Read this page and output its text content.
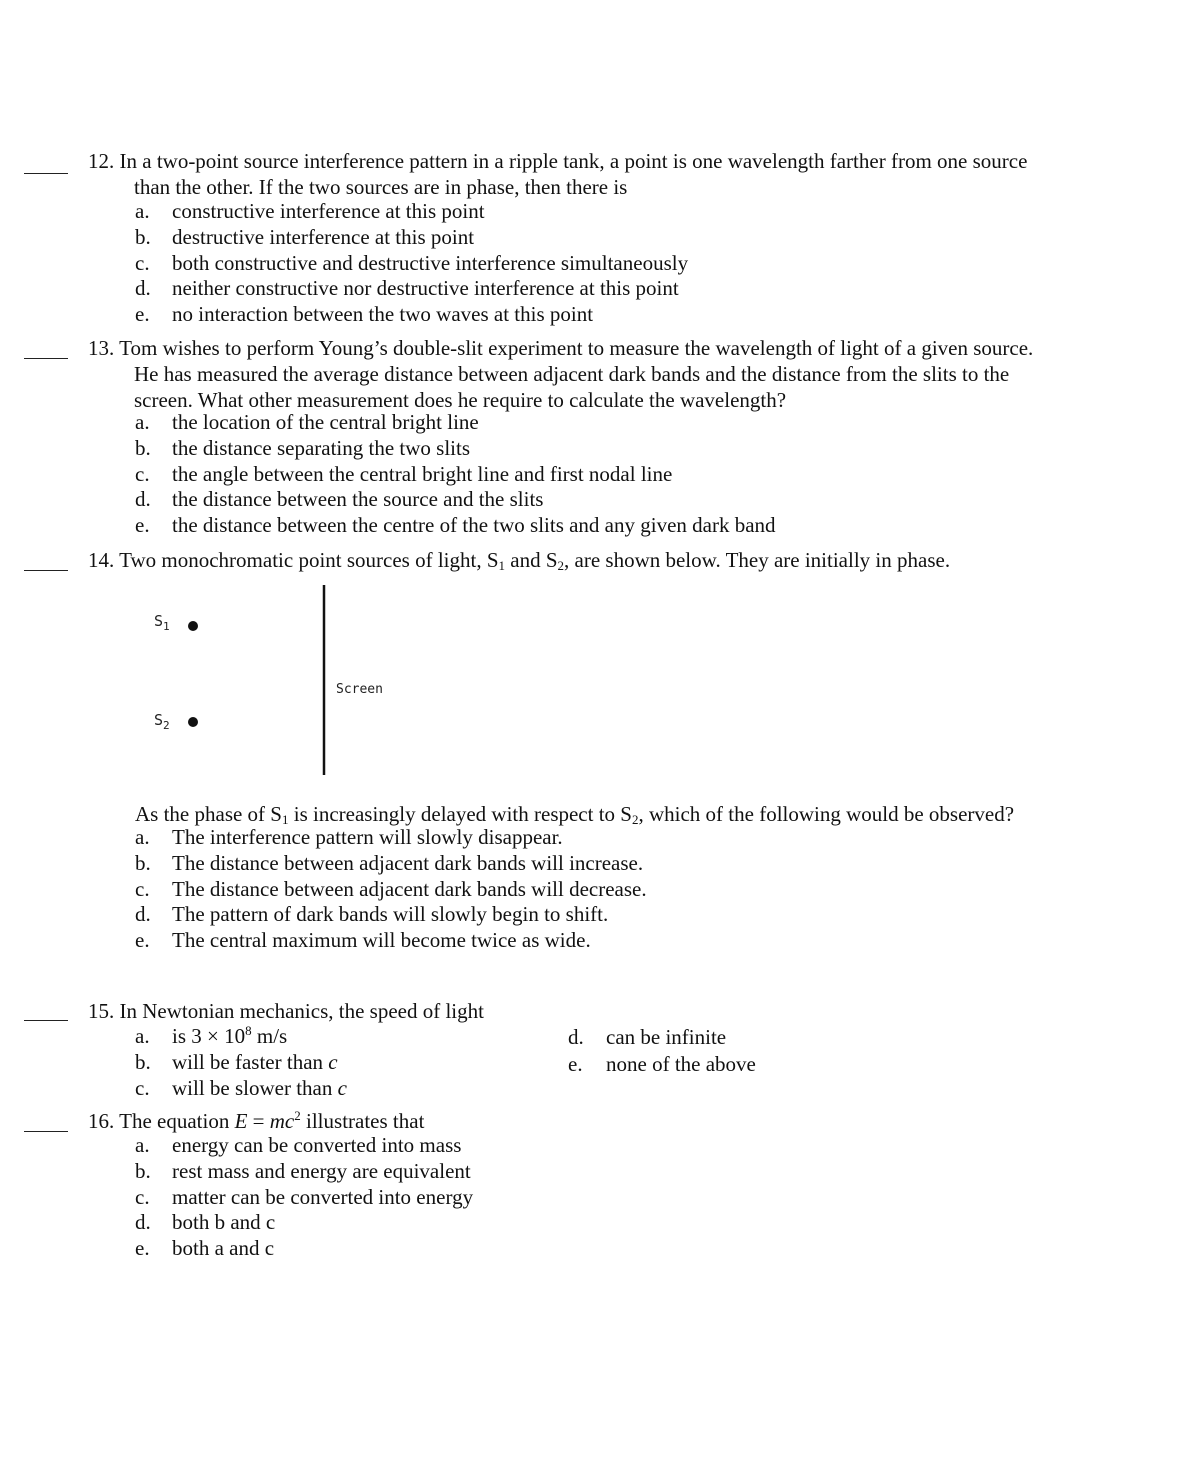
12. In a two-point source interference pattern in a ripple tank, a point is one wavelength farther from one source
than the other. If the two sources are in phase, then there is
a.	constructive interference at this point
b.	destructive interference at this point
c.	both constructive and destructive interference simultaneously
d.	neither constructive nor destructive interference at this point
e.	no interaction between the two waves at this point
13. Tom wishes to perform Young’s double-slit experiment to measure the wavelength of light of a given source.
He has measured the average distance between adjacent dark bands and the distance from the slits to the
screen. What other measurement does he require to calculate the wavelength?
a.	the location of the central bright line
b.	the distance separating the two slits
c.	the angle between the central bright line and first nodal line
d.	the distance between the source and the slits
e.	the distance between the centre of the two slits and any given dark band
14. Two monochromatic point sources of light, $S_1$ and $S_2$, are shown below. They are initially in phase.
$S_1$
$S_2$
Screen
As the phase of $S_1$ is increasingly delayed with respect to $S_2$, which of the following would be observed?
a.	The interference pattern will slowly disappear.
b.	The distance between adjacent dark bands will increase.
c.	The distance between adjacent dark bands will decrease.
d.	The pattern of dark bands will slowly begin to shift.
e.	The central maximum will become twice as wide.
15. In Newtonian mechanics, the speed of light
a.	is $3 \times 10^8$ m/s
b.	will be faster than c
c.	will be slower than c
d.	can be infinite
e.	none of the above
16. The equation $E = mc^2$ illustrates that
a.	energy can be converted into mass
b.	rest mass and energy are equivalent
c.	matter can be converted into energy
d.	both b and c
e.	both a and c
